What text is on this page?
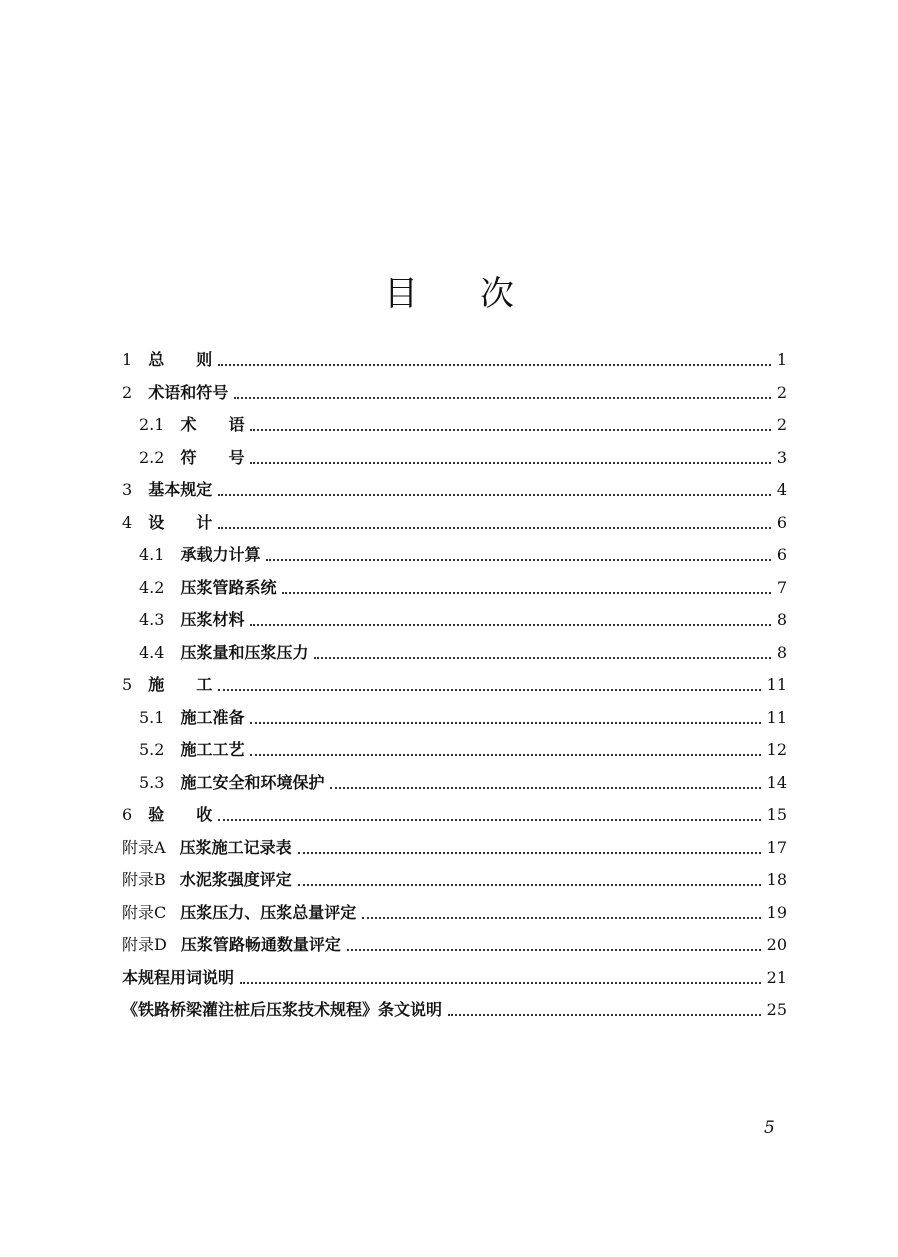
目 次
1 总　　则	1
2 术语和符号	2
2.1 术　　语	2
2.2 符　　号	3
3 基本规定	4
4 设　　计	6
4.1 承载力计算	6
4.2 压浆管路系统	7
4.3 压浆材料	8
4.4 压浆量和压浆压力	8
5 施　　工	11
5.1 施工准备	11
5.2 施工工艺	12
5.3 施工安全和环境保护	14
6 验　　收	15
附录A 压浆施工记录表	17
附录B 水泥浆强度评定	18
附录C 压浆压力、压浆总量评定	19
附录D 压浆管路畅通数量评定	20
本规程用词说明	21
《铁路桥梁灌注桩后压浆技术规程》条文说明	25
5
